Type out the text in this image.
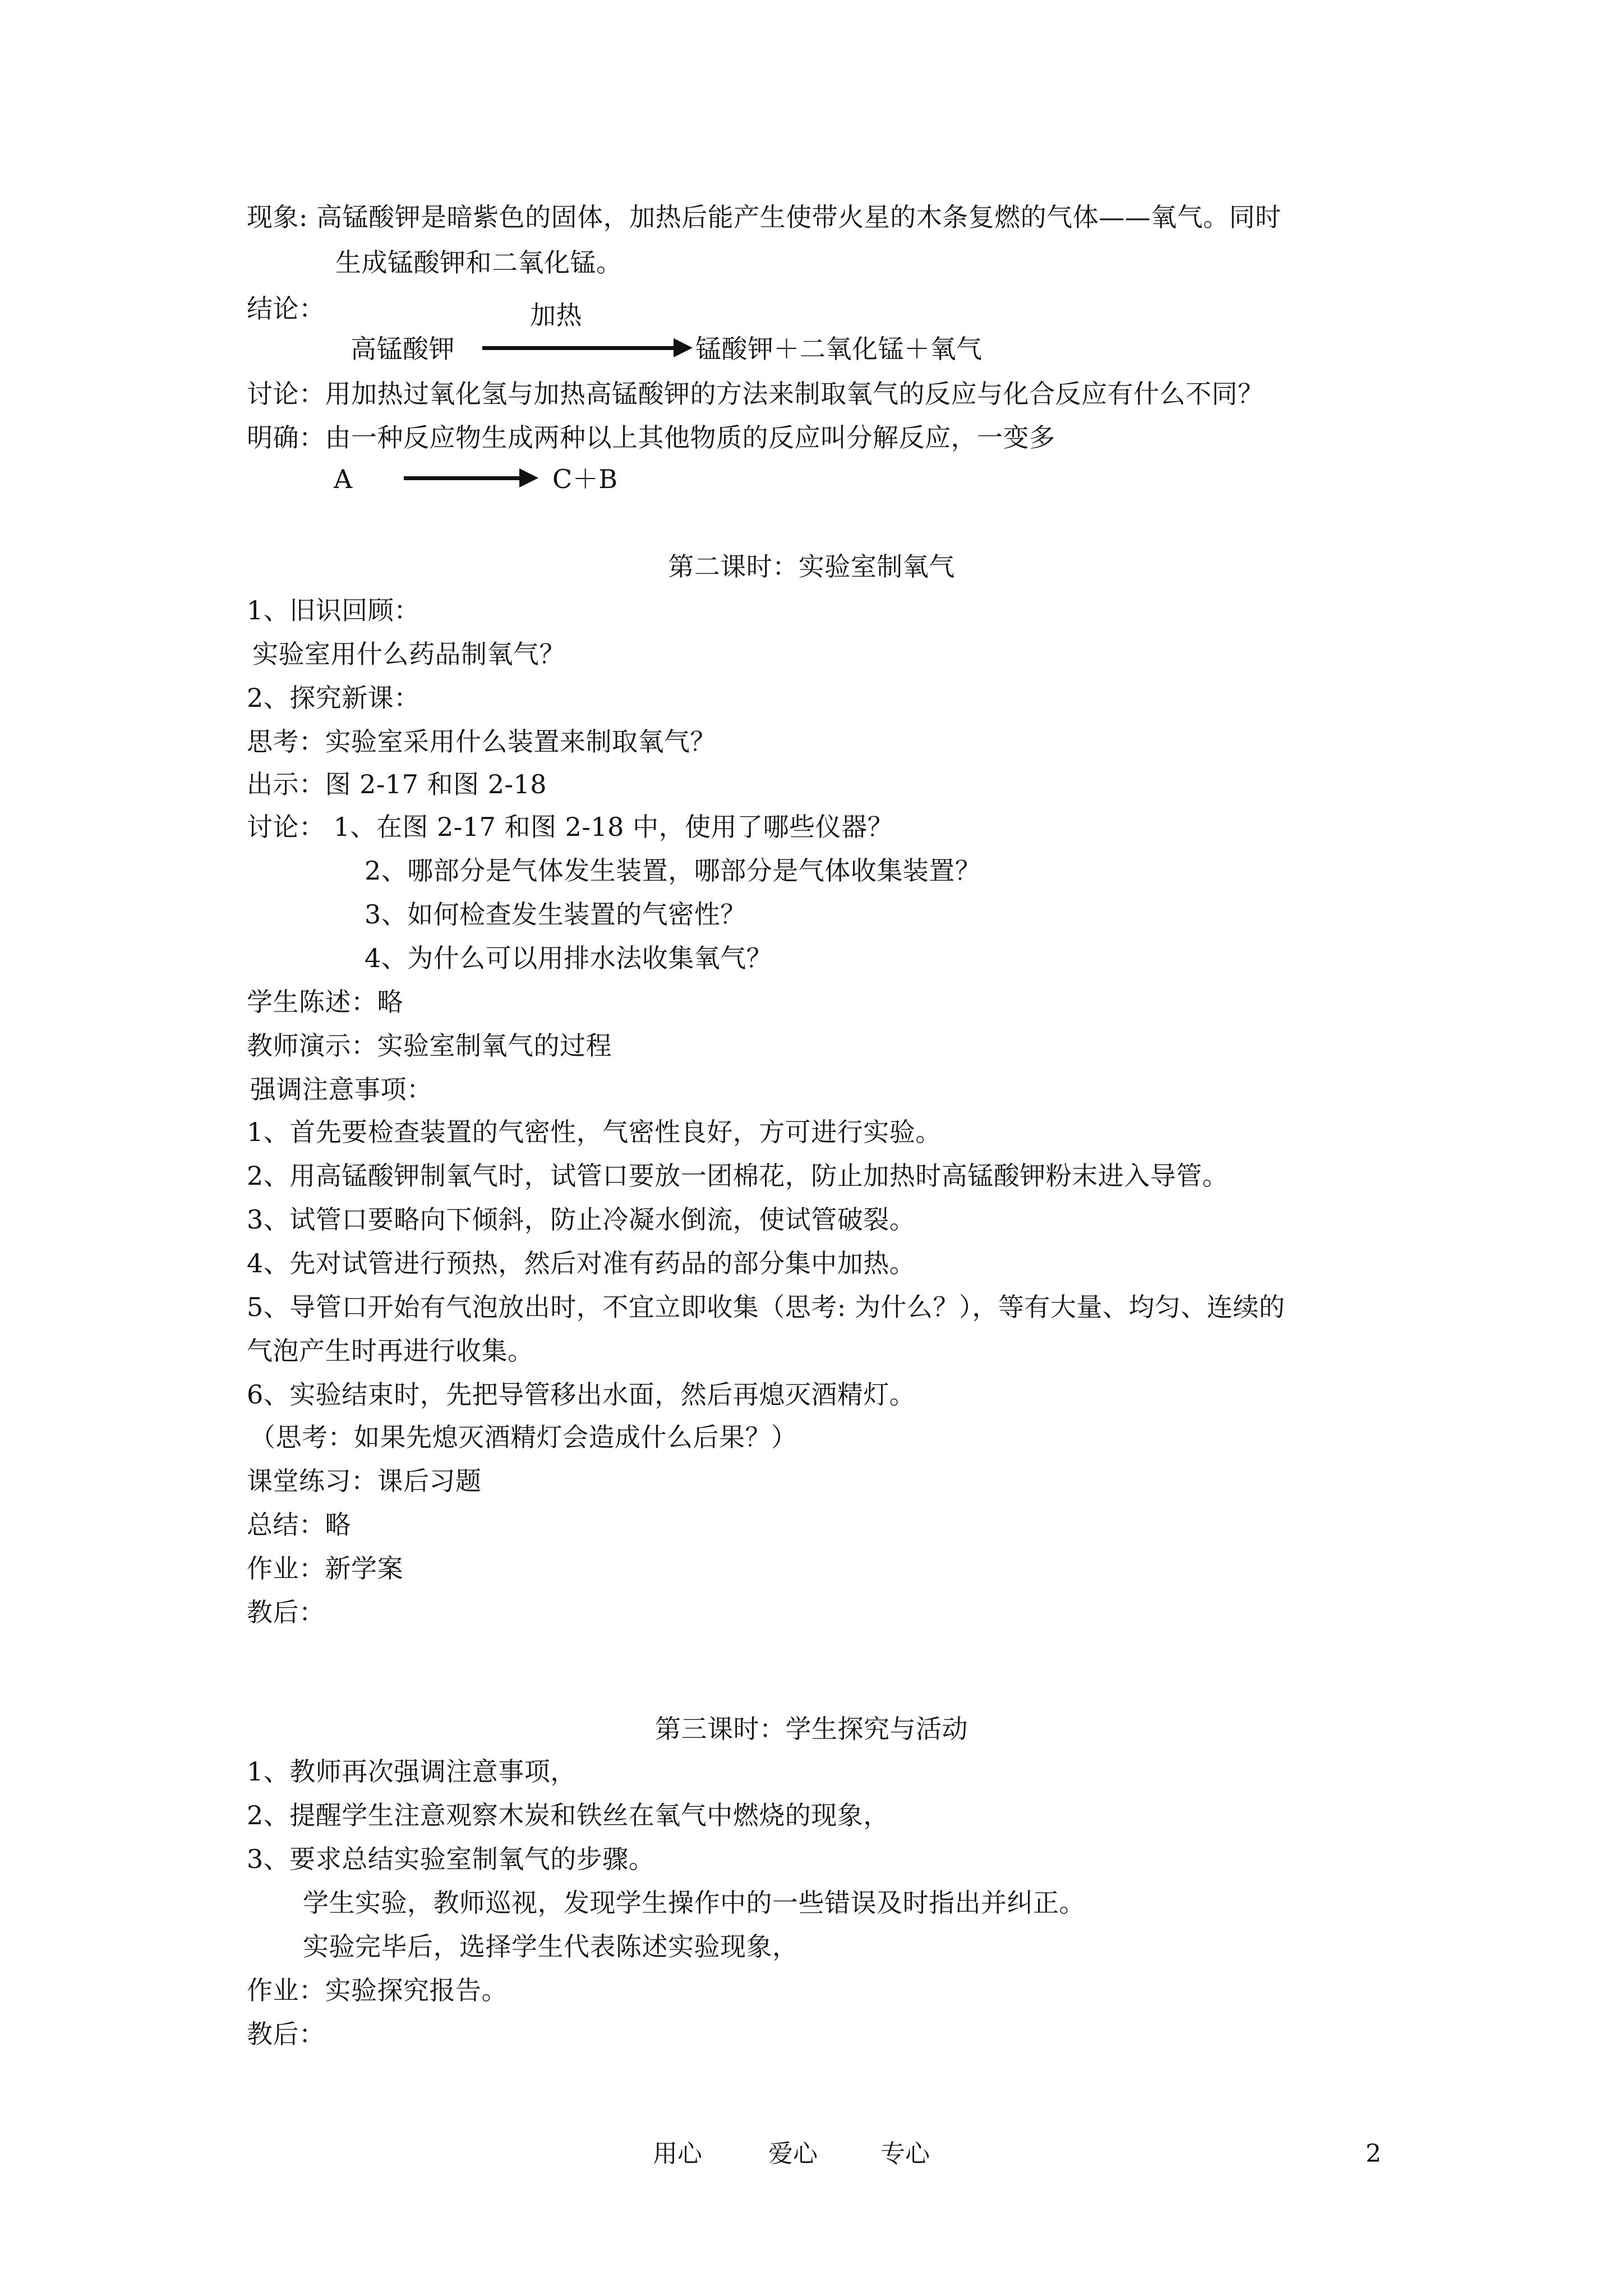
现象: 高锰酸钾是暗紫色的固体，加热后能产生使带火星的木条复燃的气体——氧气。同时
生成锰酸钾和二氧化锰。
结论：	加热
高锰酸钾	锰酸钾＋二氧化锰＋氧气
讨论：用加热过氧化氢与加热高锰酸钾的方法来制取氧气的反应与化合反应有什么不同？
明确：由一种反应物生成两种以上其他物质的反应叫分解反应，一变多
A	C＋B
第二课时：实验室制氧气
1、旧识回顾：
实验室用什么药品制氧气？
2、探究新课：
思考：实验室采用什么装置来制取氧气？
出示：图 2-17 和图 2-18
讨论： 1、在图 2-17 和图 2-18 中，使用了哪些仪器？
2、哪部分是气体发生装置，哪部分是气体收集装置？
3、如何检查发生装置的气密性？
4、为什么可以用排水法收集氧气？
学生陈述：略
教师演示：实验室制氧气的过程
强调注意事项：
1、首先要检查装置的气密性，气密性良好，方可进行实验。
2、用高锰酸钾制氧气时，试管口要放一团棉花，防止加热时高锰酸钾粉末进入导管。
3、试管口要略向下倾斜，防止冷凝水倒流，使试管破裂。
4、先对试管进行预热，然后对准有药品的部分集中加热。
5、导管口开始有气泡放出时，不宜立即收集（思考: 为什么？），等有大量、均匀、连续的
气泡产生时再进行收集。
6、实验结束时，先把导管移出水面，然后再熄灭酒精灯。
（思考：如果先熄灭酒精灯会造成什么后果？）
课堂练习：课后习题
总结：略
作业：新学案
教后：
第三课时：学生探究与活动
1、教师再次强调注意事项，
2、提醒学生注意观察木炭和铁丝在氧气中燃烧的现象，
3、要求总结实验室制氧气的步骤。
学生实验，教师巡视，发现学生操作中的一些错误及时指出并纠正。
实验完毕后，选择学生代表陈述实验现象，
作业：实验探究报告。
教后：
用心	爱心	专心	2
